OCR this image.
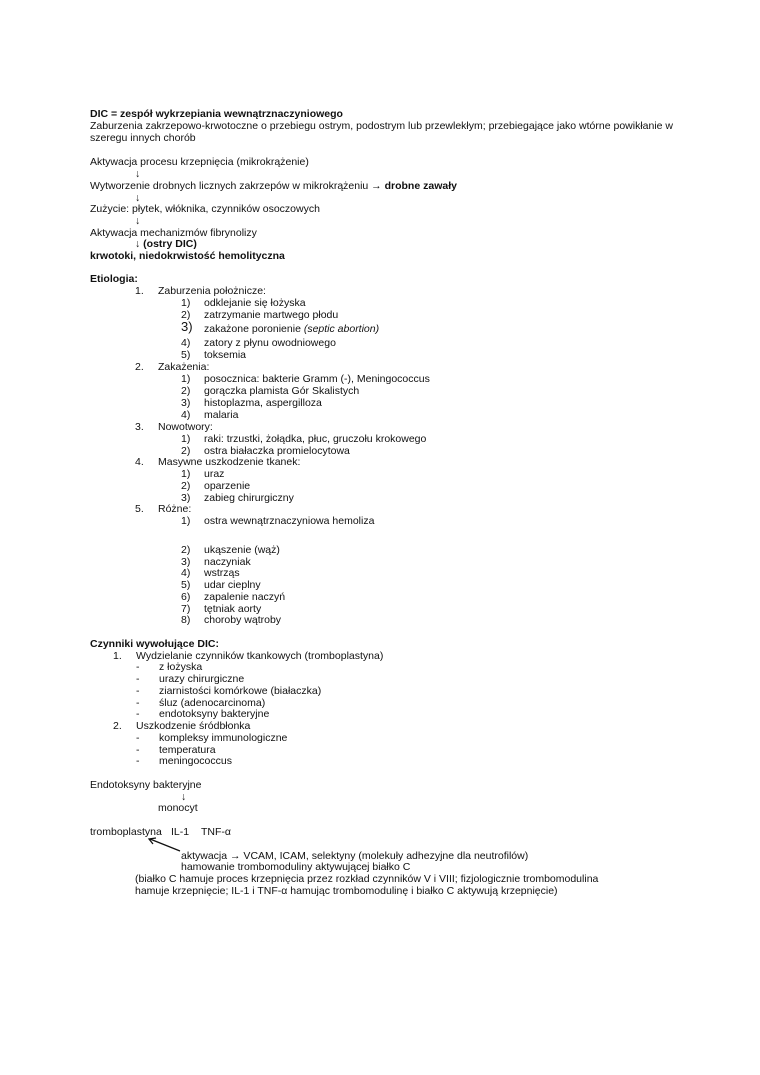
DIC = zespół wykrzepiania wewnątrznaczyniowego
Zaburzenia zakrzepowo-krwotoczne o przebiegu ostrym, podostrym lub przewlekłym; przebiegające jako wtórne powikłanie w szeregu innych chorób
Aktywacja procesu krzepnięcia (mikrokrążenie)
↓
Wytworzenie drobnych licznych zakrzepów w mikrokrążeniu → drobne zawały
↓
Zużycie: płytek, włóknika, czynników osoczowych
↓
Aktywacja mechanizmów fibrynolizy
↓ (ostry DIC)
krwotoki, niedokrwistość hemolityczna
Etiologia:
1. Zaburzenia położnicze:
1) odklejanie się łożyska
2) zatrzymanie martwego płodu
3) zakażone poronienie (septic abortion)
4) zatory z płynu owodniowego
5) toksemia
2. Zakażenia:
1) posocznica: bakterie Gramm (-), Meningococcus
2) gorączka plamista Gór Skalistych
3) histoplazma, aspergilloza
4) malaria
3. Nowotwory:
1) raki: trzustki, żołądka, płuc, gruczołu krokowego
2) ostra białaczka promielocytowa
4. Masywne uszkodzenie tkanek:
1) uraz
2) oparzenie
3) zabieg chirurgiczny
5. Różne:
1) ostra wewnątrznaczyniowa hemoliza
2) ukąszenie (wąż)
3) naczyniak
4) wstrząs
5) udar cieplny
6) zapalenie naczyń
7) tętniak aorty
8) choroby wątroby
Czynniki wywołujące DIC:
1. Wydzielanie czynników tkankowych (tromboplastyna)
- z łożyska
- urazy chirurgiczne
- ziarnistości komórkowe (białaczka)
- śluz (adenocarcinoma)
- endotoksyny bakteryjne
2. Uszkodzenie śródbłonka
- kompleksy immunologiczne
- temperatura
- meningococcus
Endotoksyny bakteryjne
↓
monocyt
tromboplastyna IL-1 TNF-α
aktywacja → VCAM, ICAM, selektyny (molekuły adhezyjne dla neutrofilów)
hamowanie trombomoduliny aktywującej białko C
(białko C hamuje proces krzepnięcia przez rozkład czynników V i VIII; fizjologicznie trombomodulina hamuje krzepnięcie; IL-1 i TNF-α hamując trombomodulinę i białko C aktywują krzepnięcie)
